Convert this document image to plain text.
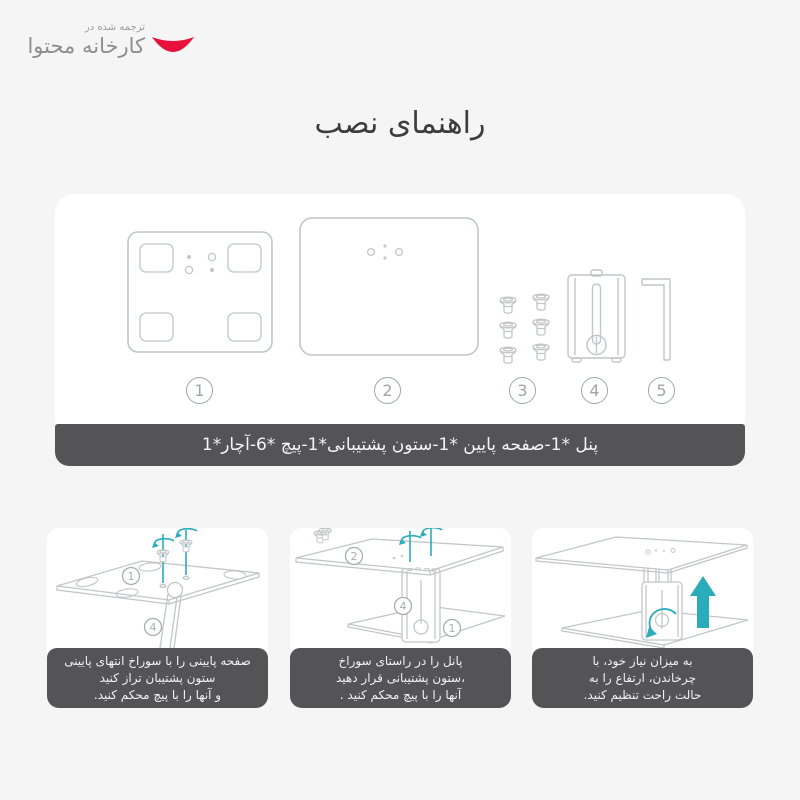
ترجمه شده در
کارخانه محتوا
راهنمای نصب
1	2	3	4	5
پنل *1-صفحه پایین *1-ستون پشتیبانی*1-پیچ *6-آچار*1
1
4
صفحه پایینی را با سوراخ انتهای پایینی
ستون پشتیبان تراز کنید
و آنها را با پیچ محکم کنید.
2
4
1
پانل را در راستای سوراخ
،ستون پشتیبانی قرار دهید
آنها را با پیچ محکم کنید .
به میزان نیاز خود، با
چرخاندن، ارتفاع را به
حالت راحت تنظیم کنید.
